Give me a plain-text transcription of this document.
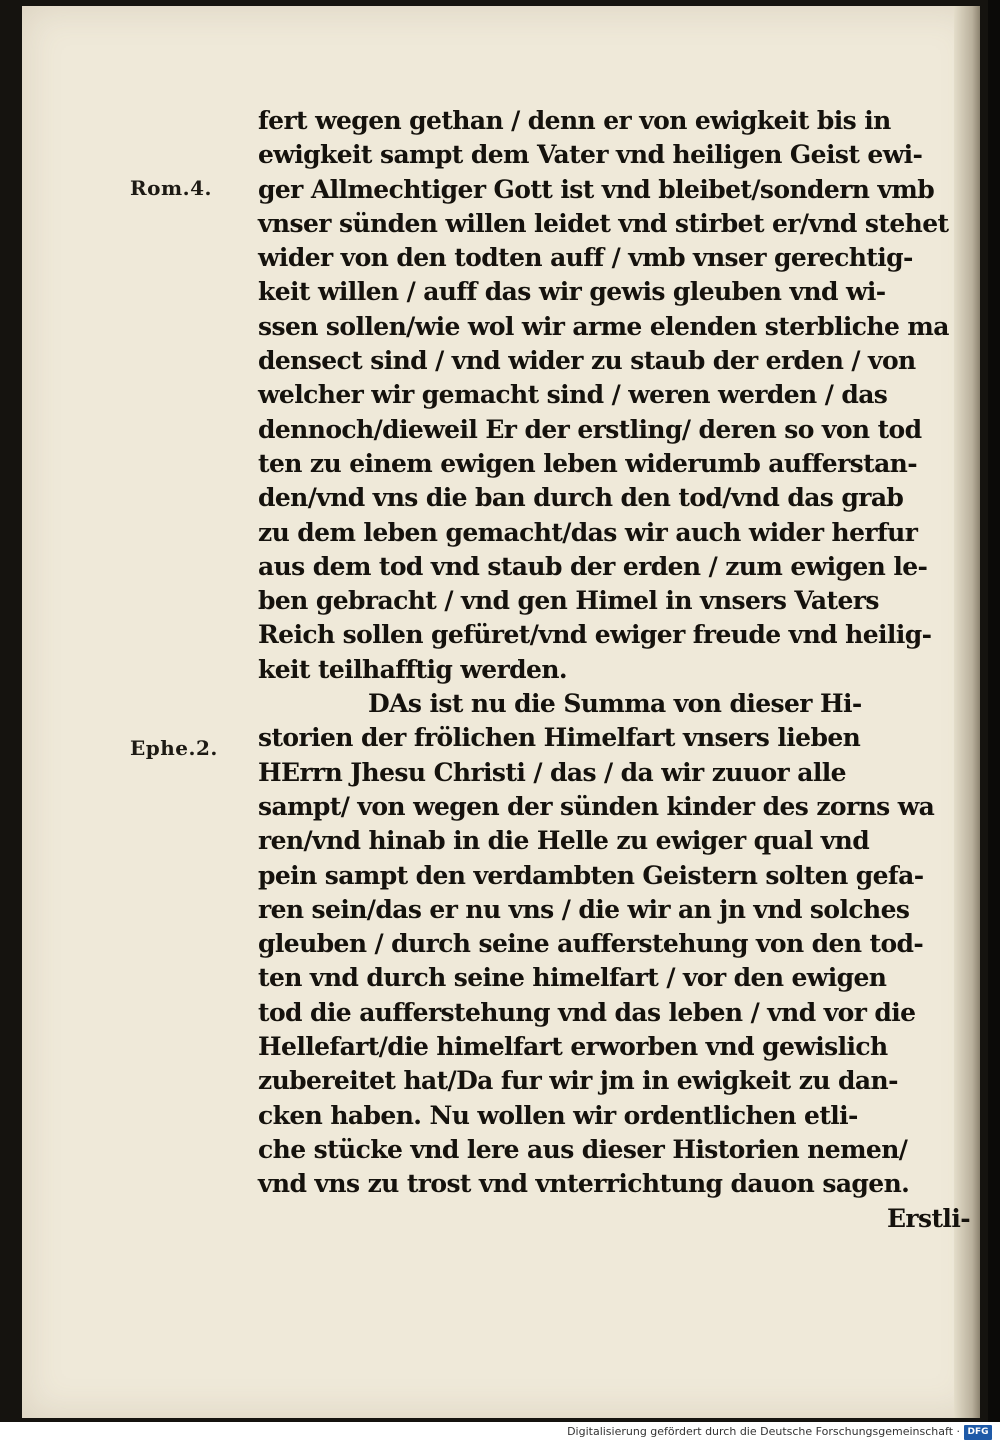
Rom.4.
Ephe.2.
fert wegen gethan / denn er von ewigkeit bis in
ewigkeit sampt dem Vater vnd heiligen Geist ewi-
ger Allmechtiger Gott ist vnd bleibet/sondern vmb
vnser sünden willen leidet vnd stirbet er/vnd stehet
wider von den todten auff / vmb vnser gerechtig-
keit willen / auff das wir gewis gleuben vnd wi-
ssen sollen/wie wol wir arme elenden sterbliche ma
densect sind / vnd wider zu staub der erden / von
welcher wir gemacht sind / weren werden / das
dennoch/dieweil Er der erstling/ deren so von tod
ten zu einem ewigen leben widerumb aufferstan-
den/vnd vns die ban durch den tod/vnd das grab
zu dem leben gemacht/das wir auch wider herfur
aus dem tod vnd staub der erden / zum ewigen le-
ben gebracht / vnd gen Himel in vnsers Vaters
Reich sollen gefüret/vnd ewiger freude vnd heilig-
keit teilhafftig werden.
DAs ist nu die Summa von dieser Hi-
storien der frölichen Himelfart vnsers lieben
HErrn Jhesu Christi / das / da wir zuuor alle
sampt/ von wegen der sünden kinder des zorns wa
ren/vnd hinab in die Helle zu ewiger qual vnd
pein sampt den verdambten Geistern solten gefa-
ren sein/das er nu vns / die wir an jn vnd solches
gleuben / durch seine aufferstehung von den tod-
ten vnd durch seine himelfart / vor den ewigen
tod die aufferstehung vnd das leben / vnd vor die
Hellefart/die himelfart erworben vnd gewislich
zubereitet hat/Da fur wir jm in ewigkeit zu dan-
cken haben. Nu wollen wir ordentlichen etli-
che stücke vnd lere aus dieser Historien nemen/
vnd vns zu trost vnd vnterrichtung dauon sagen.
Erstli-
Digitalisierung gefördert durch die Deutsche Forschungsgemeinschaft · DFG
